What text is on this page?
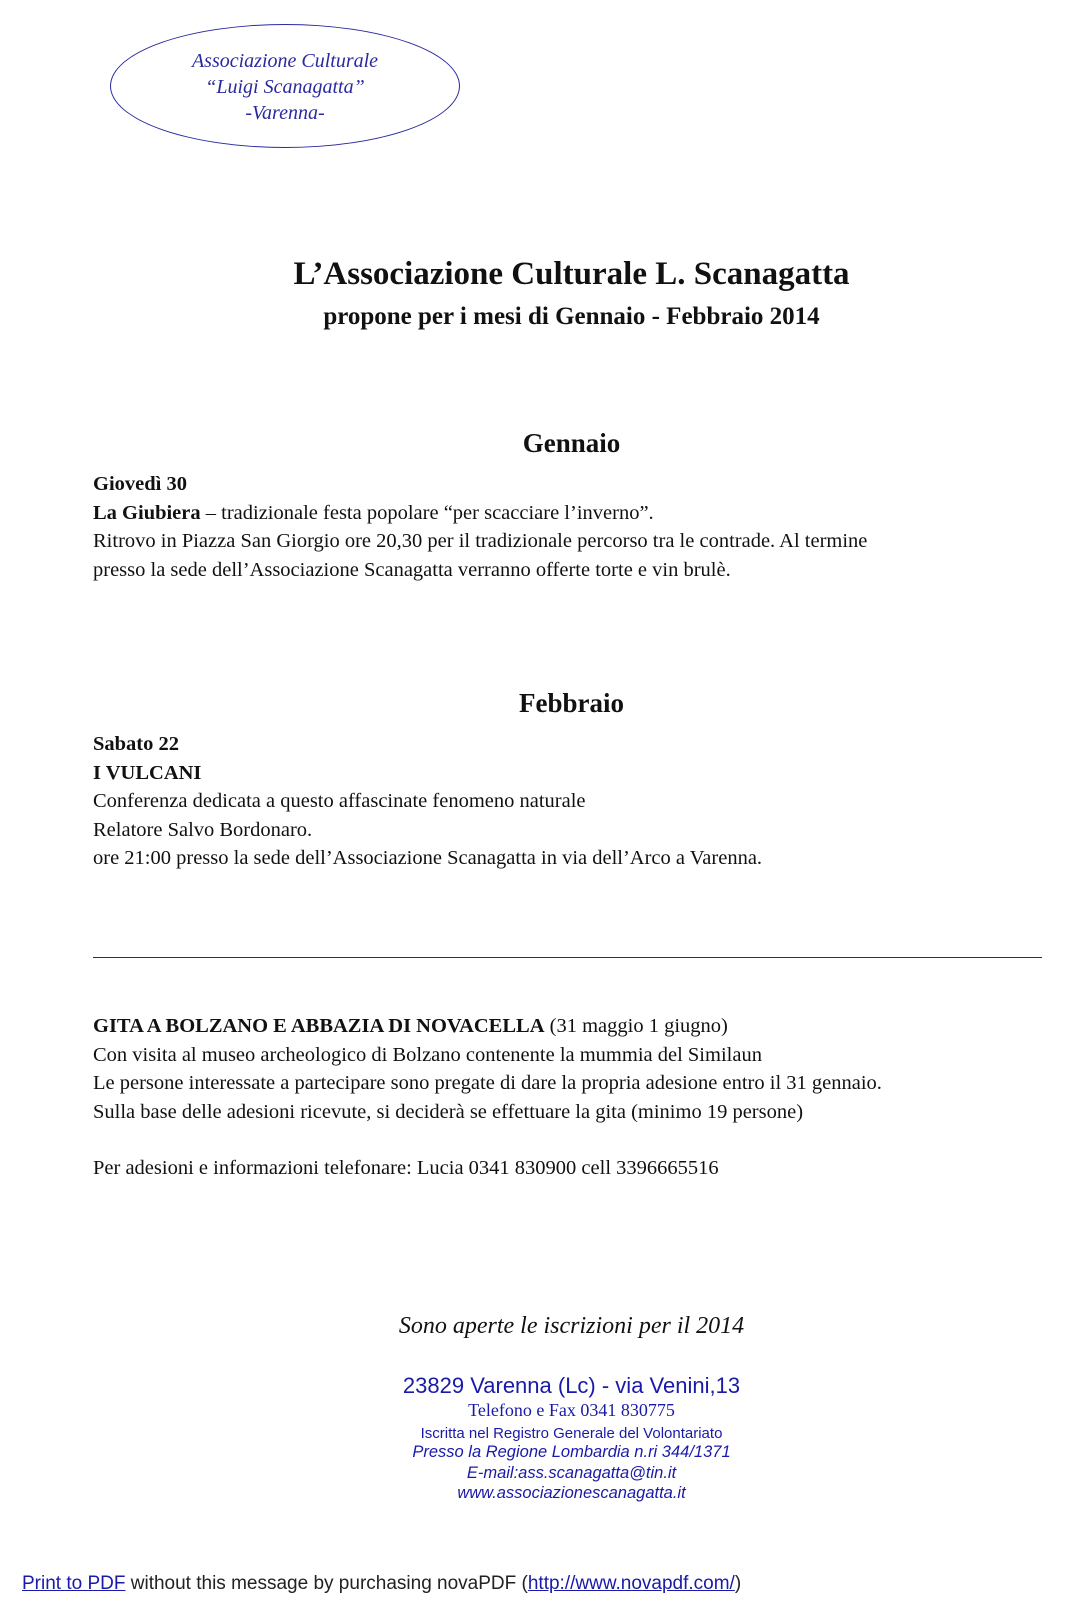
Associazione Culturale
“Luigi Scanagatta”
-Varenna-
L’Associazione Culturale L. Scanagatta
propone per i mesi di Gennaio - Febbraio 2014
Gennaio
Giovedì 30
La Giubiera – tradizionale festa popolare “per scacciare l’inverno”.
Ritrovo in Piazza San Giorgio ore 20,30 per il tradizionale percorso tra le contrade. Al termine
presso la sede dell’Associazione Scanagatta verranno offerte torte e vin brulè.
Febbraio
Sabato 22
I VULCANI
Conferenza dedicata a questo affascinate fenomeno naturale
Relatore Salvo Bordonaro.
ore 21:00 presso la sede dell’Associazione Scanagatta in via dell’Arco a Varenna.
GITA A BOLZANO E ABBAZIA DI NOVACELLA (31 maggio 1 giugno)
Con visita al museo archeologico di Bolzano contenente la mummia del Similaun
Le persone interessate a partecipare sono pregate di dare la propria adesione entro il 31 gennaio.
Sulla base delle adesioni ricevute, si deciderà se effettuare la gita (minimo 19 persone)
Per adesioni e informazioni telefonare: Lucia 0341 830900 cell 3396665516
Sono aperte le iscrizioni per il 2014
23829 Varenna (Lc) - via Venini,13
Telefono e Fax 0341 830775
Iscritta nel Registro Generale del Volontariato
Presso la Regione Lombardia n.ri 344/1371
E-mail:ass.scanagatta@tin.it
www.associazionescanagatta.it
Print to PDF without this message by purchasing novaPDF (http://www.novapdf.com/)
